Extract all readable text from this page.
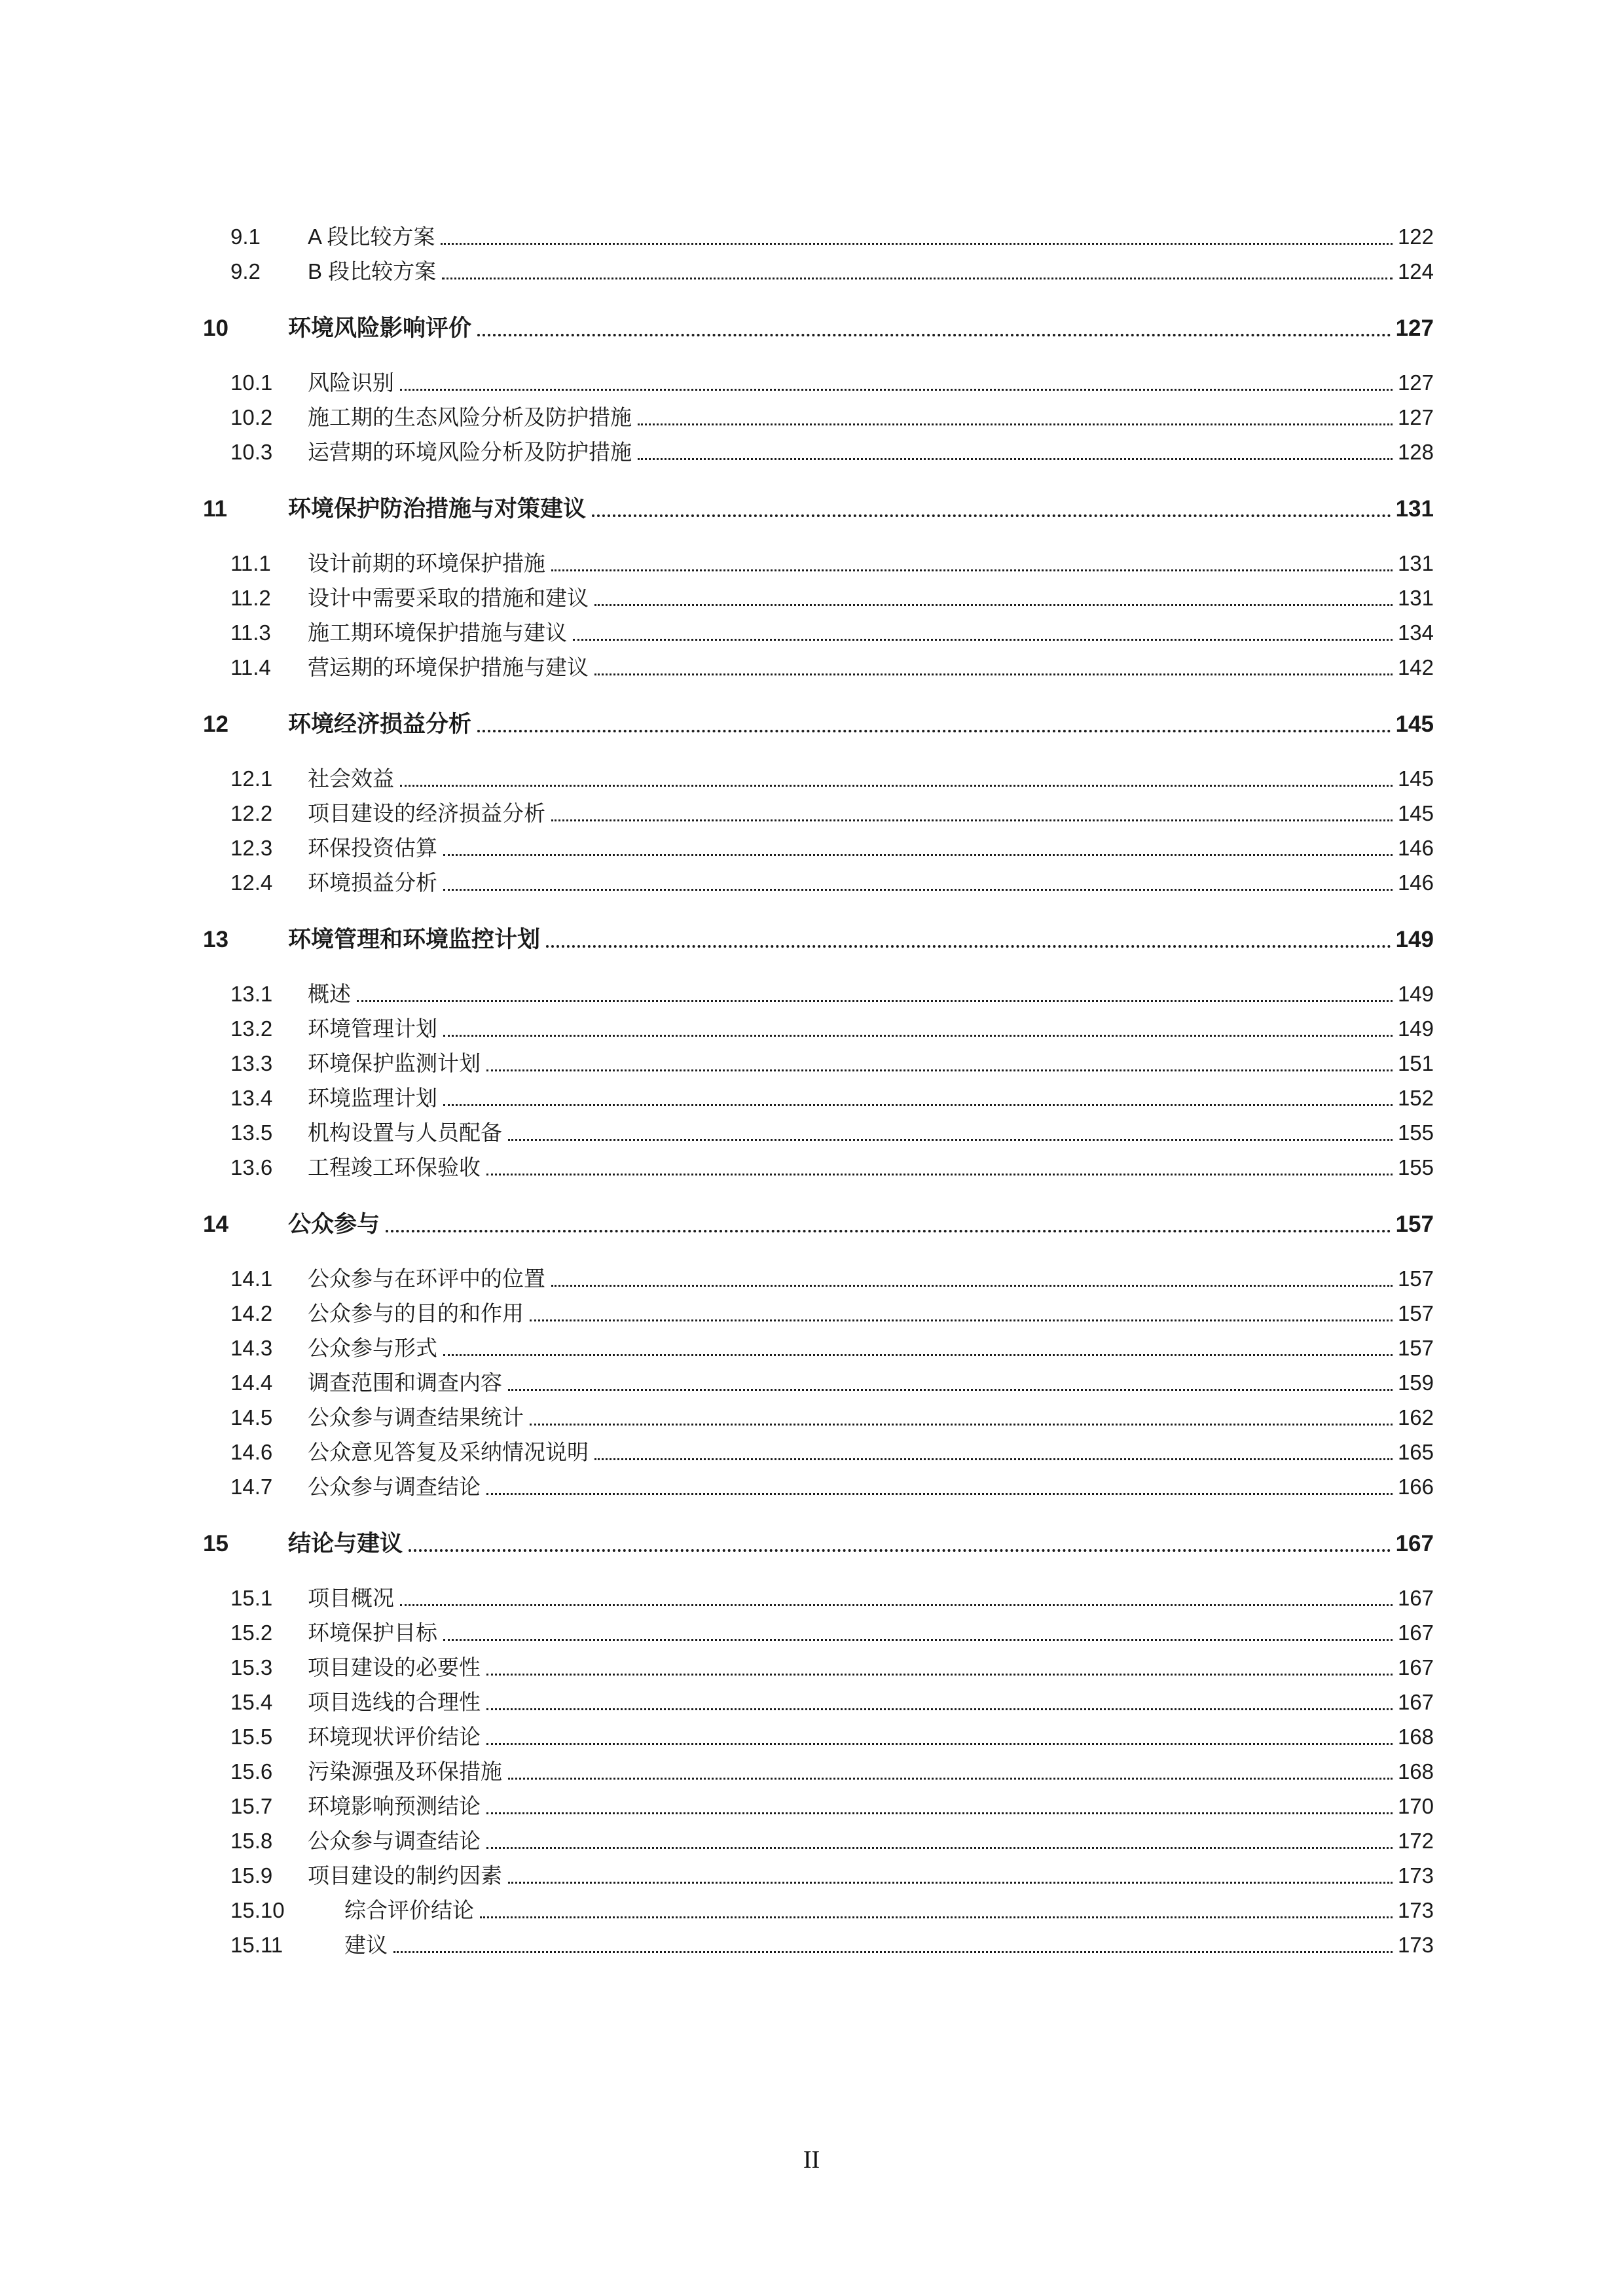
9.1	A 段比较方案	122
9.2	B 段比较方案	124
10	环境风险影响评价	127
10.1	风险识别	127
10.2	施工期的生态风险分析及防护措施	127
10.3	运营期的环境风险分析及防护措施	128
11	环境保护防治措施与对策建议	131
11.1	设计前期的环境保护措施	131
11.2	设计中需要采取的措施和建议	131
11.3	施工期环境保护措施与建议	134
11.4	营运期的环境保护措施与建议	142
12	环境经济损益分析	145
12.1	社会效益	145
12.2	项目建设的经济损益分析	145
12.3	环保投资估算	146
12.4	环境损益分析	146
13	环境管理和环境监控计划	149
13.1	概述	149
13.2	环境管理计划	149
13.3	环境保护监测计划	151
13.4	环境监理计划	152
13.5	机构设置与人员配备	155
13.6	工程竣工环保验收	155
14	公众参与	157
14.1	公众参与在环评中的位置	157
14.2	公众参与的目的和作用	157
14.3	公众参与形式	157
14.4	调查范围和调查内容	159
14.5	公众参与调查结果统计	162
14.6	公众意见答复及采纳情况说明	165
14.7	公众参与调查结论	166
15	结论与建议	167
15.1	项目概况	167
15.2	环境保护目标	167
15.3	项目建设的必要性	167
15.4	项目选线的合理性	167
15.5	环境现状评价结论	168
15.6	污染源强及环保措施	168
15.7	环境影响预测结论	170
15.8	公众参与调查结论	172
15.9	项目建设的制约因素	173
15.10	综合评价结论	173
15.11	建议	173
II
